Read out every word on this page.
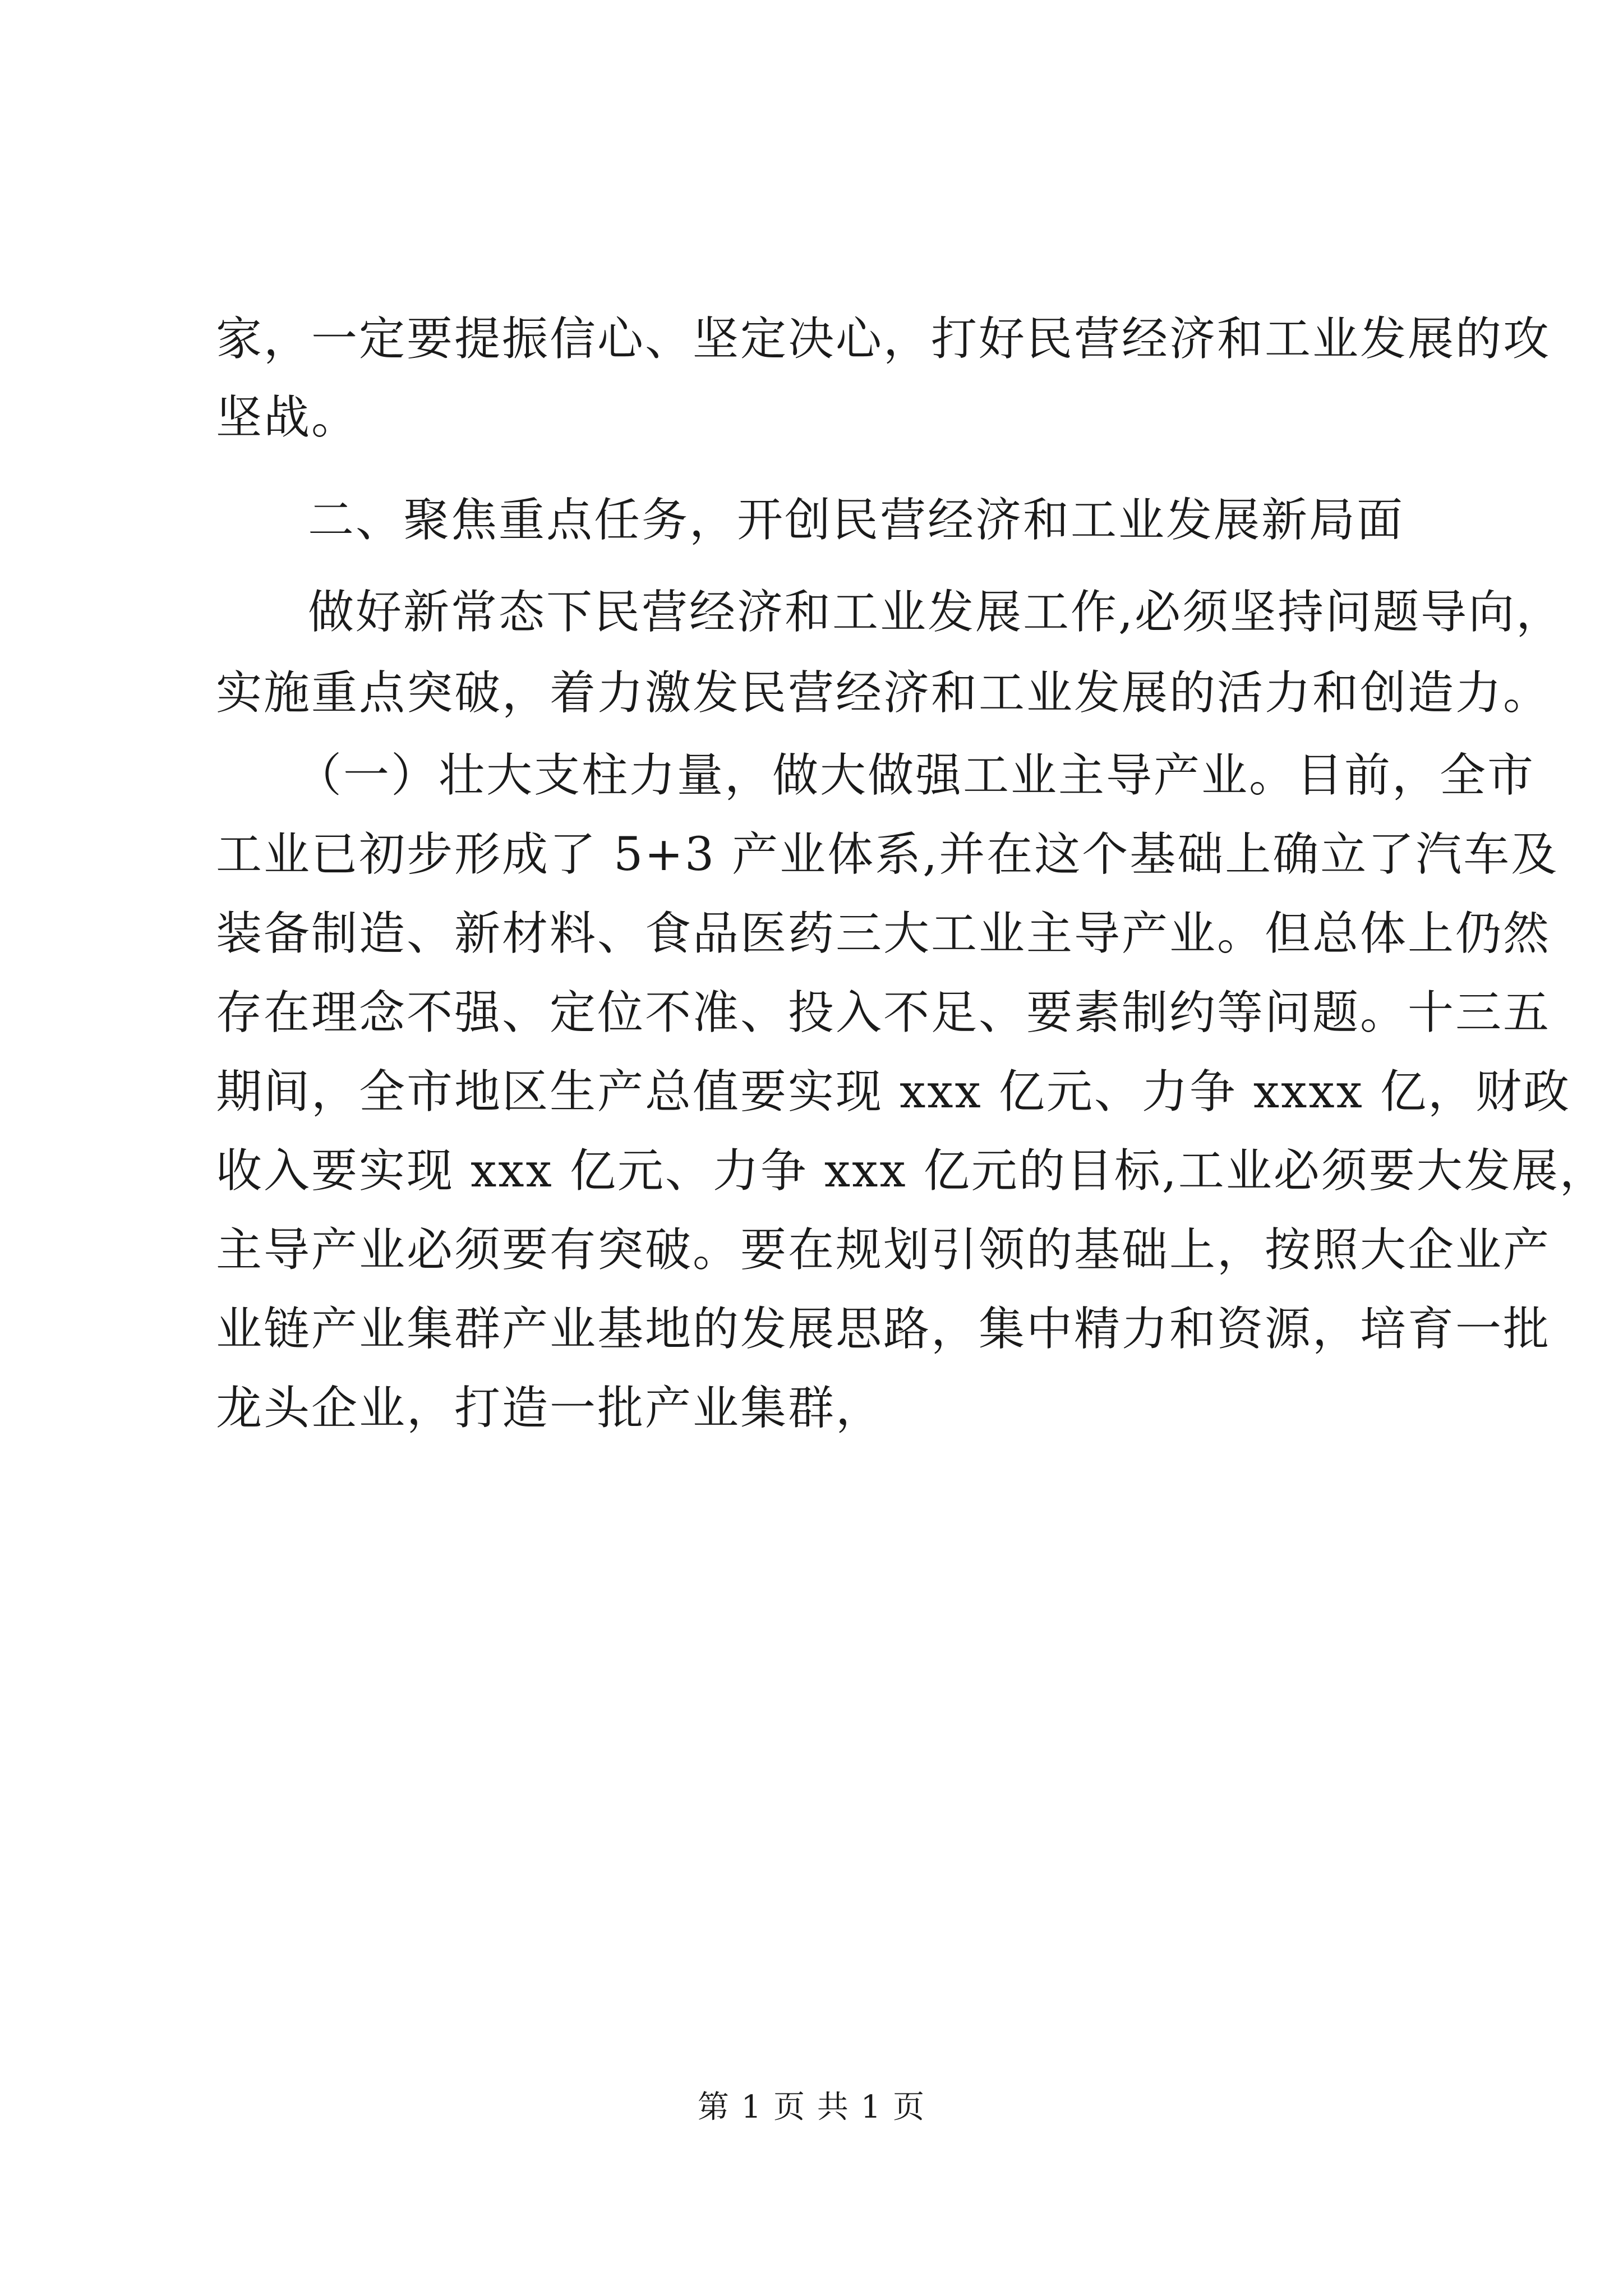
家，一定要提振信心、坚定决心，打好民营经济和工业发展的攻
坚战。
二、聚焦重点任务，开创民营经济和工业发展新局面
做好新常态下民营经济和工业发展工作,必须坚持问题导向，
实施重点突破，着力激发民营经济和工业发展的活力和创造力。
（一）壮大支柱力量，做大做强工业主导产业。目前，全市
工业已初步形成了 5+3 产业体系,并在这个基础上确立了汽车及
装备制造、新材料、食品医药三大工业主导产业。但总体上仍然
存在理念不强、定位不准、投入不足、要素制约等问题。十三五
期间，全市地区生产总值要实现 xxx 亿元、力争 xxxx 亿，财政
收入要实现 xxx 亿元、力争 xxx 亿元的目标,工业必须要大发展，
主导产业必须要有突破。要在规划引领的基础上，按照大企业产
业链产业集群产业基地的发展思路，集中精力和资源，培育一批
龙头企业，打造一批产业集群，
第 1 页 共 1 页
